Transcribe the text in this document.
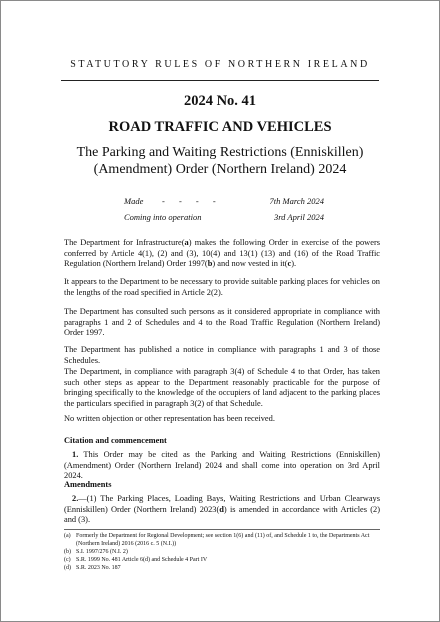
STATUTORY RULES OF NORTHERN IRELAND
2024 No. 41
ROAD TRAFFIC AND VEHICLES
The Parking and Waiting Restrictions (Enniskillen)
(Amendment) Order (Northern Ireland) 2024
Made - - - -	7th March 2024
Coming into operation	3rd April 2024

The Department for Infrastructure(a) makes the following Order in exercise of the powers conferred by Article 4(1), (2) and (3), 10(4) and 13(1) (13) and (16) of the Road Traffic Regulation (Northern Ireland) Order 1997(b) and now vested in it(c).

It appears to the Department to be necessary to provide suitable parking places for vehicles on the lengths of the road specified in Article 2(2).

The Department has consulted such persons as it considered appropriate in compliance with paragraphs 1 and 2 of Schedules and 4 to the Road Traffic Regulation (Northern Ireland) Order 1997.

The Department has published a notice in compliance with paragraphs 1 and 3 of those Schedules.

The Department, in compliance with paragraph 3(4) of Schedule 4 to that Order, has taken such other steps as appear to the Department reasonably practicable for the purpose of bringing specifically to the knowledge of the occupiers of land adjacent to the parking places the particulars specified in paragraph 3(2) of that Schedule.

No written objection or other representation has been received.

Citation and commencement

1. This Order may be cited as the Parking and Waiting Restrictions (Enniskillen) (Amendment) Order (Northern Ireland) 2024 and shall come into operation on 3rd April 2024.

Amendments

2.—(1) The Parking Places, Loading Bays, Waiting Restrictions and Urban Clearways (Enniskillen) Order (Northern Ireland) 2023(d) is amended in accordance with Articles (2) and (3).

(a) Formerly the Department for Regional Development; see section 1(6) and (11) of, and Schedule 1 to, the Departments Act (Northern Ireland) 2016 (2016 c. 5 (N.I.))
(b) S.I. 1997/276 (N.I. 2)
(c) S.R. 1999 No. 481 Article 6(d) and Schedule 4 Part IV
(d) S.R. 2023 No. 187
